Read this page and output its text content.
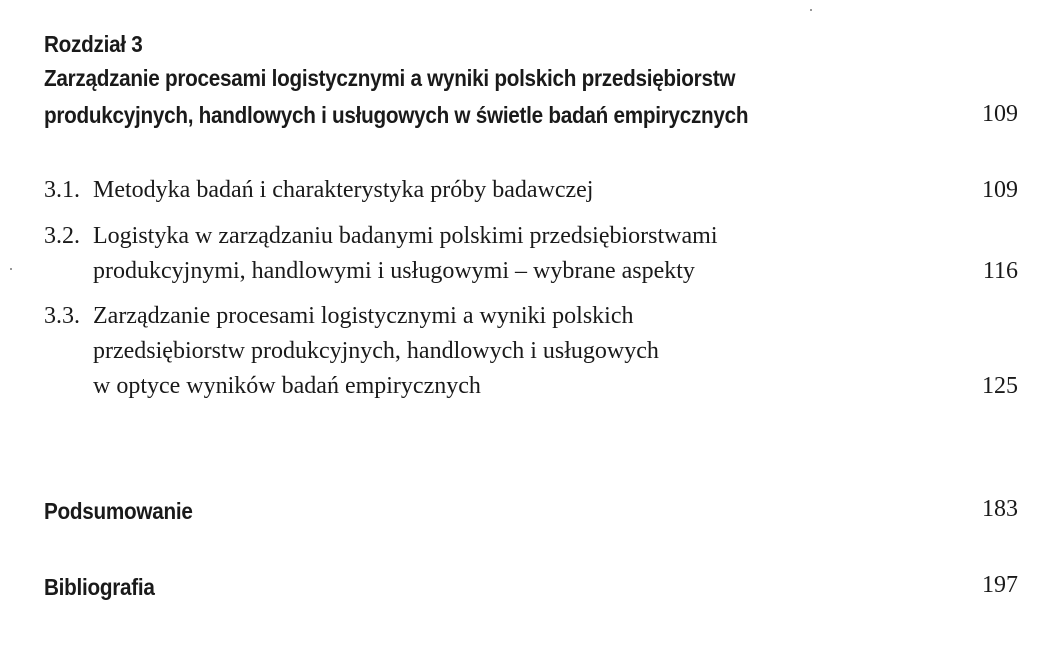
Rozdział 3
Zarządzanie procesami logistycznymi a wyniki polskich przedsiębiorstw
produkcyjnych, handlowych i usługowych w świetle badań empirycznych	109
3.1. Metodyka badań i charakterystyka próby badawczej	109
3.2. Logistyka w zarządzaniu badanymi polskimi przedsiębiorstwami
produkcyjnymi, handlowymi i usługowymi – wybrane aspekty	116
3.3. Zarządzanie procesami logistycznymi a wyniki polskich
przedsiębiorstw produkcyjnych, handlowych i usługowych
w optyce wyników badań empirycznych	125
Podsumowanie	183
Bibliografia	197
